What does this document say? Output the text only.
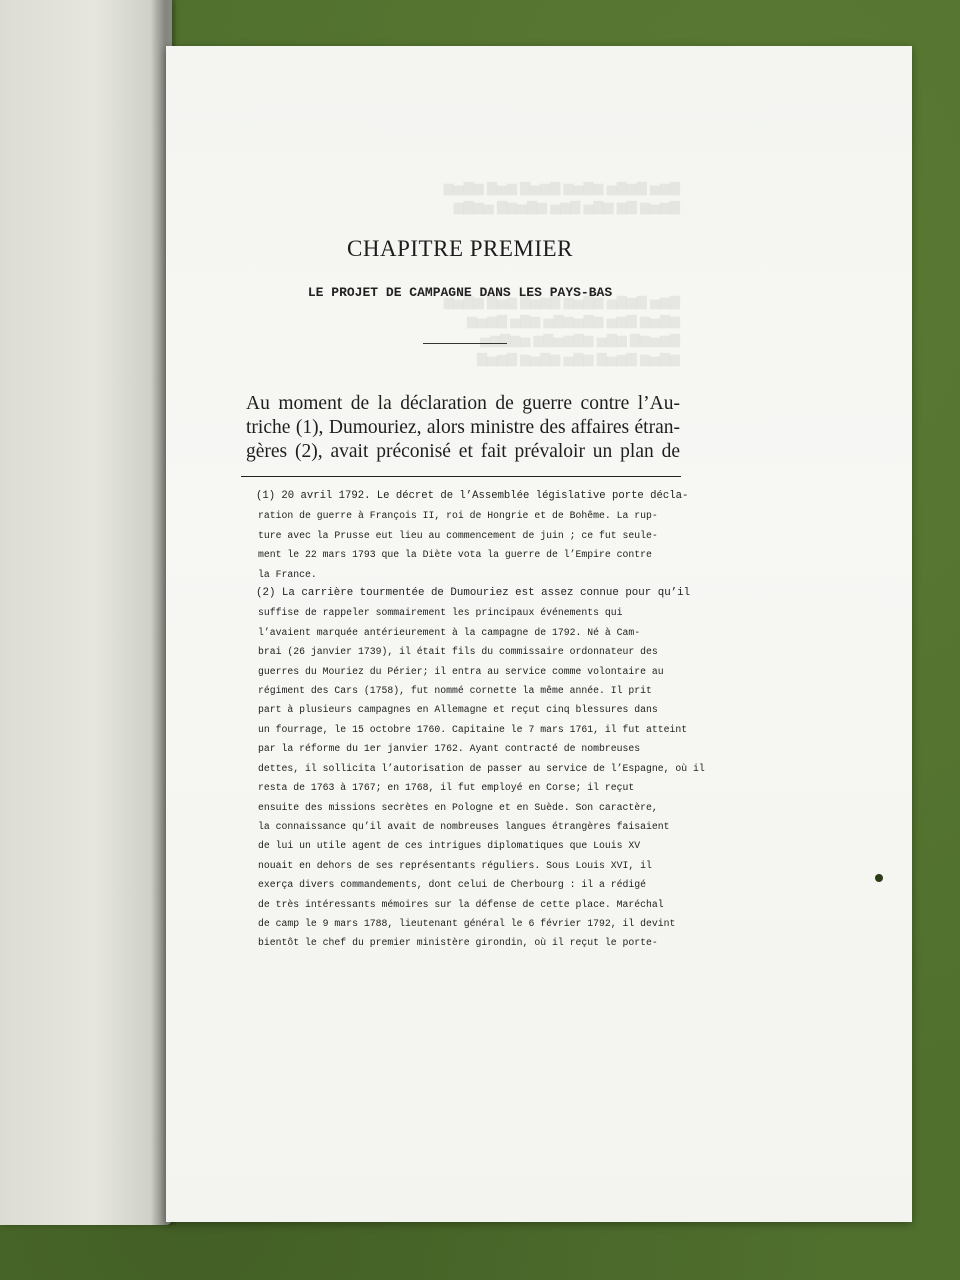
▇▆▅ ▇▆▇▅ ▆▇▅▆ ▇▆▅▇ ▆▅▇ ▆▇▅▆
▇▆▅▆ ▇▆ ▆▇▅ ▇▆▅ ▆▇▅▆▇ ▅▆▇▆

▇▆▅ ▇▆▇▅ ▆▇▅▆ ▇▆▅▇ ▆▅▇ ▆▇▅▆
▆▇▅▆ ▇▆▅ ▆▇▅▆▇▅ ▆▇▅ ▇▆▅▆
▇▆▅▆▇ ▆▇▅ ▆▇▆▅▇▆ ▅▆▇▆▅
▆▇▅▆ ▇▆▅▇ ▆▇▅ ▆▇▅▆ ▇▆▅▇
CHAPITRE PREMIER
LE PROJET DE CAMPAGNE DANS LES PAYS-BAS
Au moment de la déclaration de guerre contre l’Au-
triche (1), Dumouriez, alors ministre des affaires étran-
gères (2), avait préconisé et fait prévaloir un plan de

(1) 20 avril 1792. Le décret de l’Assemblée législative porte décla-
ration de guerre à François II, roi de Hongrie et de Bohême. La rup-
ture avec la Prusse eut lieu au commencement de juin ; ce fut seule-
ment le 22 mars 1793 que la Diète vota la guerre de l’Empire contre
la France.

(2) La carrière tourmentée de Dumouriez est assez connue pour qu’il
suffise de rappeler sommairement les principaux événements qui
l’avaient marquée antérieurement à la campagne de 1792. Né à Cam-
brai (26 janvier 1739), il était fils du commissaire ordonnateur des
guerres du Mouriez du Périer; il entra au service comme volontaire au
régiment des Cars (1758), fut nommé cornette la même année. Il prit
part à plusieurs campagnes en Allemagne et reçut cinq blessures dans
un fourrage, le 15 octobre 1760. Capitaine le 7 mars 1761, il fut atteint
par la réforme du 1er janvier 1762. Ayant contracté de nombreuses
dettes, il sollicita l’autorisation de passer au service de l’Espagne, où il
resta de 1763 à 1767; en 1768, il fut employé en Corse; il reçut
ensuite des missions secrètes en Pologne et en Suède. Son caractère,
la connaissance qu’il avait de nombreuses langues étrangères faisaient
de lui un utile agent de ces intrigues diplomatiques que Louis XV
nouait en dehors de ses représentants réguliers. Sous Louis XVI, il
exerça divers commandements, dont celui de Cherbourg : il a rédigé
de très intéressants mémoires sur la défense de cette place. Maréchal
de camp le 9 mars 1788, lieutenant général le 6 février 1792, il devint
bientôt le chef du premier ministère girondin, où il reçut le porte-
